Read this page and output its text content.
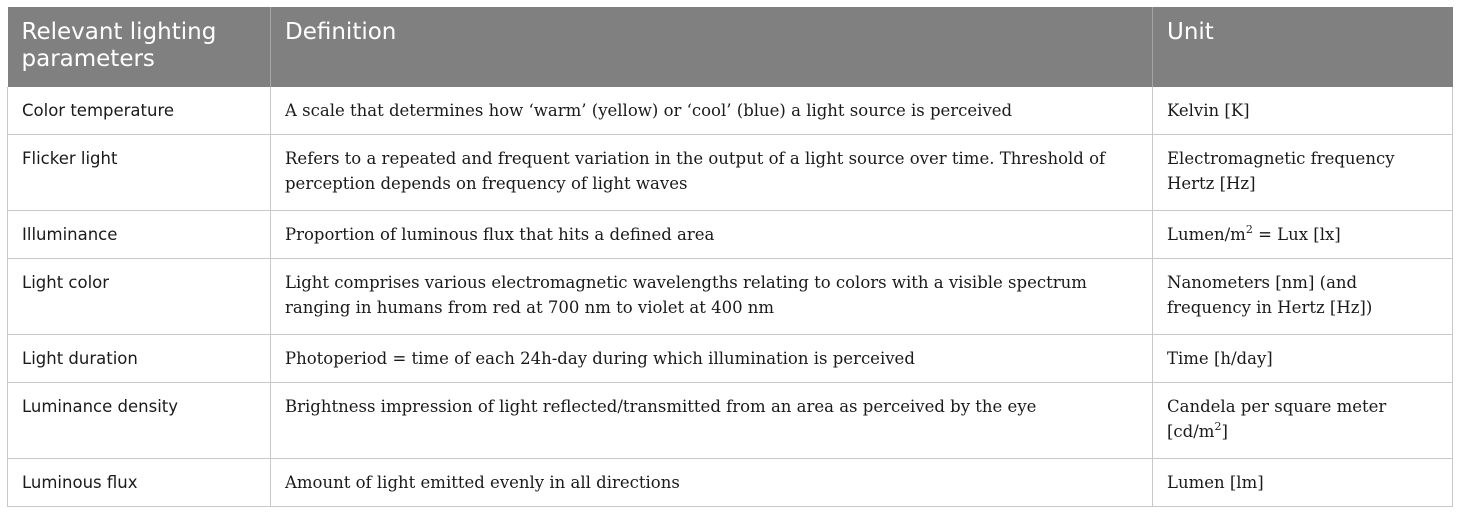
Relevant lighting parameters	Definition	Unit
Color temperature	A scale that determines how ‘warm’ (yellow) or ‘cool’ (blue) a light source is perceived	Kelvin [K]
Flicker light	Refers to a repeated and frequent variation in the output of a light source over time. Threshold of perception depends on frequency of light waves	Electromagnetic frequency Hertz [Hz]
Illuminance	Proportion of luminous flux that hits a defined area	Lumen/$m^2$ = Lux [lx]
Light color	Light comprises various electromagnetic wavelengths relating to colors with a visible spectrum ranging in humans from red at 700 nm to violet at 400 nm	Nanometers [nm] (and frequency in Hertz [Hz])
Light duration	Photoperiod = time of each 24h-day during which illumination is perceived	Time [h/day]
Luminance density	Brightness impression of light reflected/transmitted from an area as perceived by the eye	Candela per square meter $[cd/m^2]$
Luminous flux	Amount of light emitted evenly in all directions	Lumen [lm]
